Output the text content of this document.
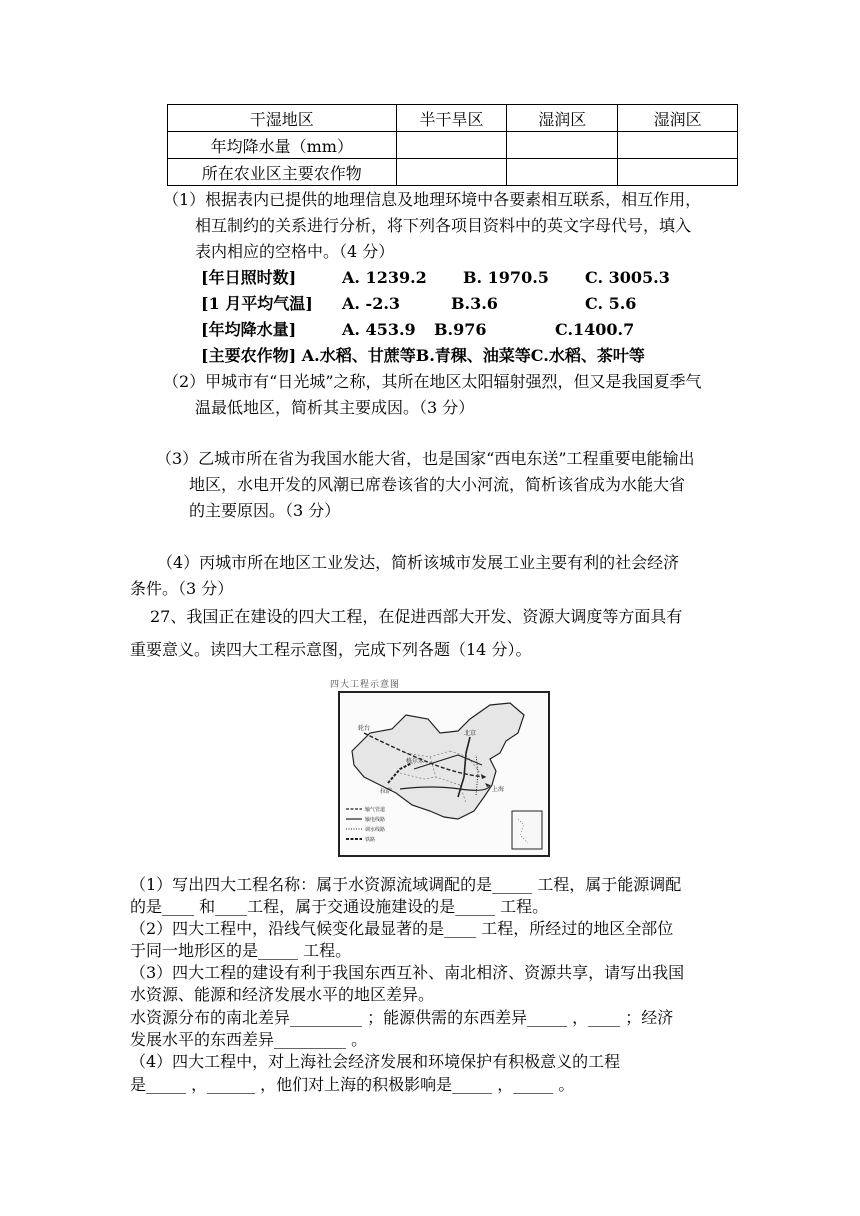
干湿地区	半干旱区	湿润区	湿润区
年均降水量（mm）			
所在农业区主要农作物			
（1）根据表内已提供的地理信息及地理环境中各要素相互联系，相互作用，
相互制约的关系进行分析，将下列各项目资料中的英文字母代号，填入
表内相应的空格中。（4 分）
[年日照时数]	A. 1239.2 B. 1970.5 C. 3005.3
[1 月平均气温] A. -2.3	B.3.6	C. 5.6
[年均降水量]	A. 453.9 B.976	C.1400.7
[主要农作物] A.水稻、甘蔗等B.青稞、油菜等C.水稻、茶叶等
（2）甲城市有“日光城”之称，其所在地区太阳辐射强烈，但又是我国夏季气
温最低地区，简析其主要成因。（3 分）
（3）乙城市所在省为我国水能大省，也是国家“西电东送”工程重要电能输出
地区，水电开发的风潮已席卷该省的大小河流，简析该省成为水能大省
的主要原因。（3 分）
（4）丙城市所在地区工业发达，简析该城市发展工业主要有利的社会经济
条件。（3 分）
27、我国正在建设的四大工程，在促进西部大开发、资源大调度等方面具有
重要意义。读四大工程示意图，完成下列各题（14 分）。
四大工程示意图
轮台
格尔木
拉萨	上海
北京
输气管道
输电线路
调水线路
铁路
（1）写出四大工程名称：属于水资源流域调配的是_____ 工程，属于能源调配
的是____ 和____工程，属于交通设施建设的是_____ 工程。
（2）四大工程中，沿线气候变化最显著的是____ 工程，所经过的地区全部位
于同一地形区的是_____ 工程。
（3）四大工程的建设有利于我国东西互补、南北相济、资源共享，请写出我国
水资源、能源和经济发展水平的地区差异。
水资源分布的南北差异_________ ；能源供需的东西差异_____ ，____ ；经济
发展水平的东西差异_________ 。
（4）四大工程中，对上海社会经济发展和环境保护有积极意义的工程
是_____ ，______ ，他们对上海的积极影响是_____ ，_____ 。
